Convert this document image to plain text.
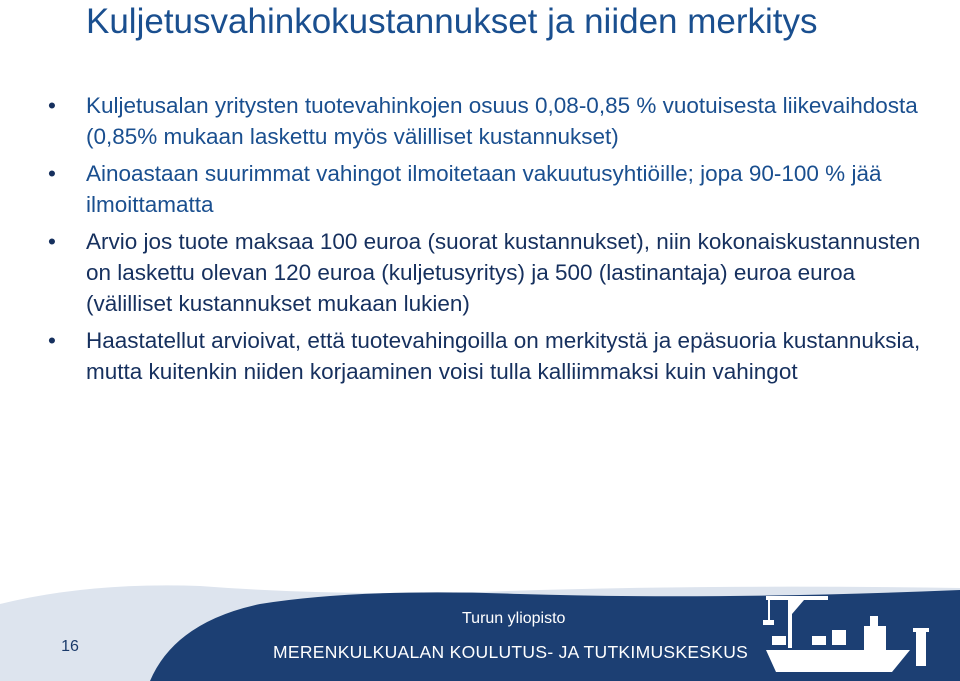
Kuljetusvahinkokustannukset ja niiden merkitys
• Kuljetusalan yritysten tuotevahinkojen osuus 0,08-0,85 % vuotuisesta liikevaihdosta (0,85% mukaan laskettu myös välilliset kustannukset)
• Ainoastaan suurimmat vahingot ilmoitetaan vakuutusyhtiöille; jopa 90-100 % jää ilmoittamatta
• Arvio jos tuote maksaa 100 euroa (suorat kustannukset), niin kokonaiskustannusten on laskettu olevan 120 euroa (kuljetusyritys) ja 500 (lastinantaja) euroa euroa (välilliset kustannukset mukaan lukien)
• Haastatellut arvioivat, että tuotevahingoilla on merkitystä ja epäsuoria kustannuksia, mutta kuitenkin niiden korjaaminen voisi tulla kalliimmaksi kuin vahingot
16
Turun yliopisto
MERENKULKUALAN KOULUTUS- JA TUTKIMUSKESKUS
